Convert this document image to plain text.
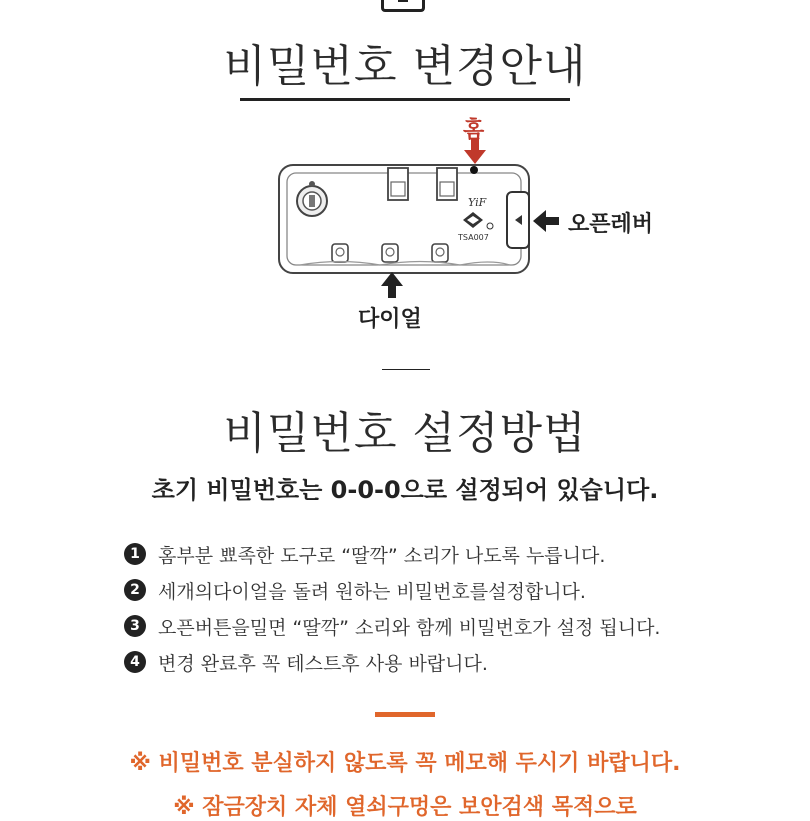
비밀번호 변경안내
YiF
TSA007
홈
오픈레버
다이얼
비밀번호 설정방법
초기 비밀번호는 0-0-0으로 설정되어 있습니다.
1 홈부분 뾰족한 도구로 “딸깍” 소리가 나도록 누릅니다.
2 세개의다이얼을 돌려 원하는 비밀번호를설정합니다.
3 오픈버튼을밀면 “딸깍” 소리와 함께 비밀번호가 설정 됩니다.
4 변경 완료후 꼭 테스트후 사용 바랍니다.
※ 비밀번호 분실하지 않도록 꼭 메모해 두시기 바랍니다.
※ 잠금장치 자체 열쇠구멍은 보안검색 목적으로
